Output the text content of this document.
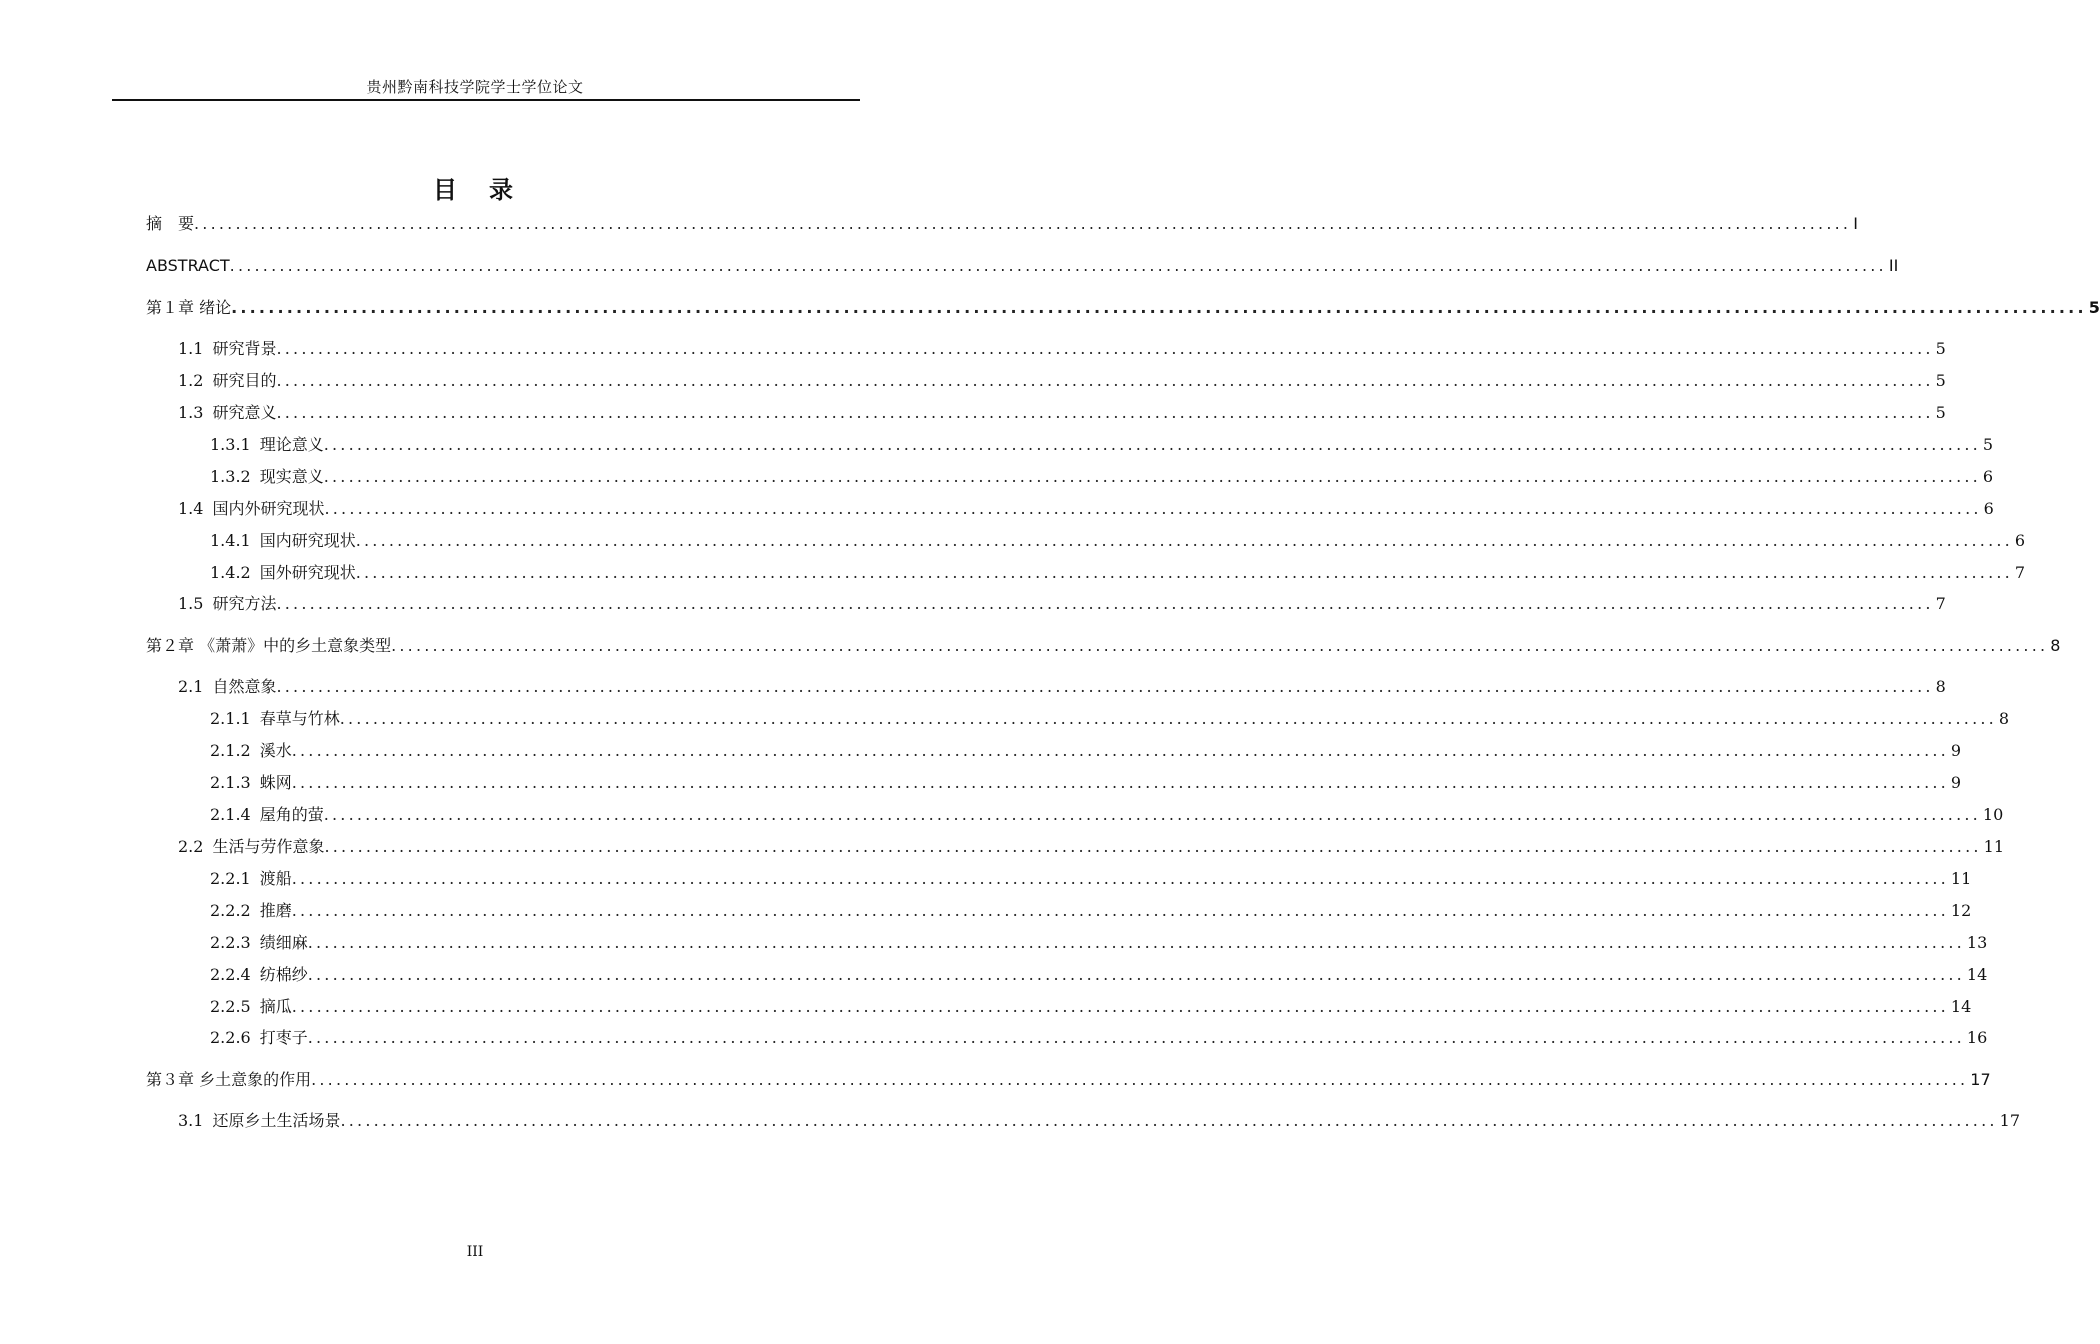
贵州黔南科技学院学士学位论文
目　录
摘　要 ........................................................................................................................................................................................................ I
ABSTRACT ........................................................................................................................................................................................................ II
第１章 绪论 ........................................................................................................................................................................................................ 5
1.1 研究背景 ........................................................................................................................................................................................................ 5
1.2 研究目的 ........................................................................................................................................................................................................ 5
1.3 研究意义 ........................................................................................................................................................................................................ 5
1.3.1 理论意义 ........................................................................................................................................................................................................ 5
1.3.2 现实意义 ........................................................................................................................................................................................................ 6
1.4 国内外研究现状 ........................................................................................................................................................................................................ 6
1.4.1 国内研究现状 ........................................................................................................................................................................................................ 6
1.4.2 国外研究现状 ........................................................................................................................................................................................................ 7
1.5 研究方法 ........................................................................................................................................................................................................ 7
第２章 《萧萧》中的乡土意象类型 ........................................................................................................................................................................................................ 8
2.1 自然意象 ........................................................................................................................................................................................................ 8
2.1.1 春草与竹林 ........................................................................................................................................................................................................ 8
2.1.2 溪水 ........................................................................................................................................................................................................ 9
2.1.3 蛛网 ........................................................................................................................................................................................................ 9
2.1.4 屋角的萤 ........................................................................................................................................................................................................ 10
2.2 生活与劳作意象 ........................................................................................................................................................................................................ 11
2.2.1 渡船 ........................................................................................................................................................................................................ 11
2.2.2 推磨 ........................................................................................................................................................................................................ 12
2.2.3 绩细麻 ........................................................................................................................................................................................................ 13
2.2.4 纺棉纱 ........................................................................................................................................................................................................ 14
2.2.5 摘瓜 ........................................................................................................................................................................................................ 14
2.2.6 打枣子 ........................................................................................................................................................................................................ 16
第３章 乡土意象的作用 ........................................................................................................................................................................................................ 17
3.1 还原乡土生活场景 ........................................................................................................................................................................................................ 17
III
